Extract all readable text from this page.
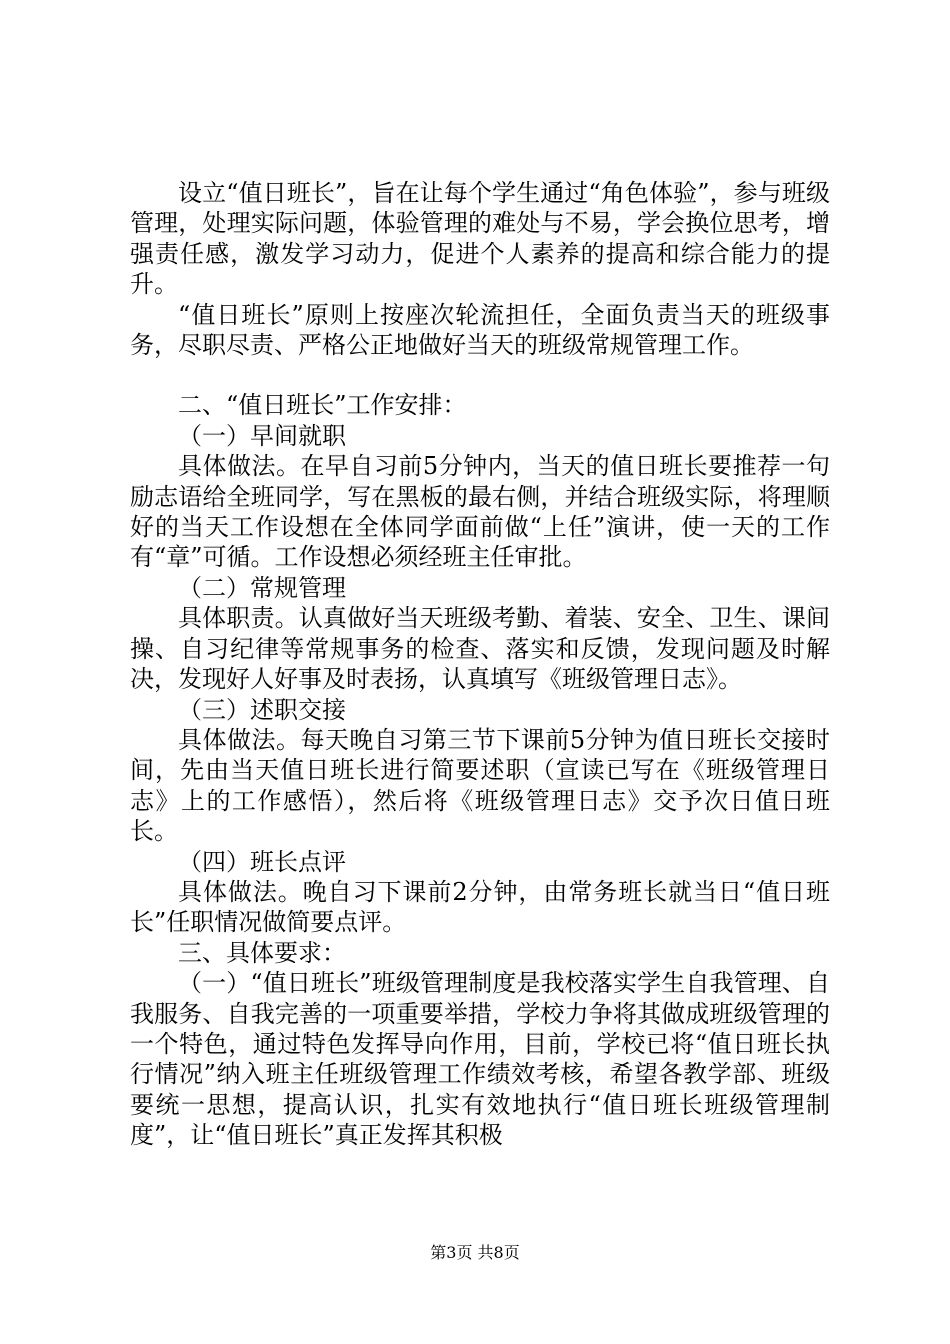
设立“值日班长”，旨在让每个学生通过“角色体验”，参与班级管理，处理实际问题，体验管理的难处与不易，学会换位思考，增强责任感，激发学习动力，促进个人素养的提高和综合能力的提升。

“值日班长”原则上按座次轮流担任，全面负责当天的班级事务，尽职尽责、严格公正地做好当天的班级常规管理工作。

二、“值日班长”工作安排：

（一）早间就职

具体做法。在早自习前5分钟内，当天的值日班长要推荐一句励志语给全班同学，写在黑板的最右侧，并结合班级实际，将理顺好的当天工作设想在全体同学面前做“上任”演讲，使一天的工作有“章”可循。工作设想必须经班主任审批。

（二）常规管理

具体职责。认真做好当天班级考勤、着装、安全、卫生、课间操、自习纪律等常规事务的检查、落实和反馈，发现问题及时解决，发现好人好事及时表扬，认真填写《班级管理日志》。

（三）述职交接

具体做法。每天晚自习第三节下课前5分钟为值日班长交接时间，先由当天值日班长进行简要述职（宣读已写在《班级管理日志》上的工作感悟），然后将《班级管理日志》交予次日值日班长。

（四）班长点评

具体做法。晚自习下课前2分钟，由常务班长就当日“值日班长”任职情况做简要点评。

三、具体要求：

（一）“值日班长”班级管理制度是我校落实学生自我管理、自我服务、自我完善的一项重要举措，学校力争将其做成班级管理的一个特色，通过特色发挥导向作用，目前，学校已将“值日班长执行情况”纳入班主任班级管理工作绩效考核，希望各教学部、班级要统一思想，提高认识，扎实有效地执行“值日班长班级管理制度”，让“值日班长”真正发挥其积极

第3页 共8页
